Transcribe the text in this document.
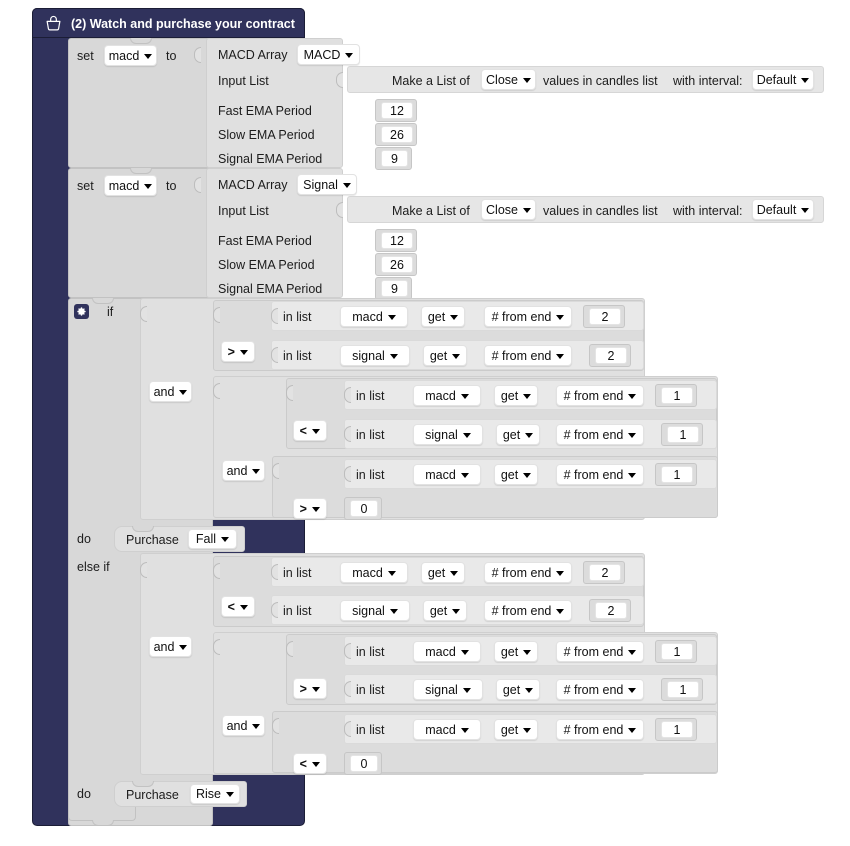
(2) Watch and purchase your contract
set macd to	MACD Array MACD
Input List	Make a List of Close values in candles list with interval: Default
Fast EMA Period	12
Slow EMA Period	26
Signal EMA Period	9
set macd to	MACD Array Signal
Input List	Make a List of Close values in candles list with interval: Default
Fast EMA Period	12
Slow EMA Period	26
Signal EMA Period	9
if	in list	macd	get	# from end	2
>	in list	signal	get	# from end	2
and	in list	macd	get	# from end	1
<	in list	signal	get	# from end	1
and	in list	macd	get	# from end	1
>	0
do	Purchase Fall
else if	in list	macd	get	# from end	2
<	in list	signal	get	# from end	2
and	in list	macd	get	# from end	1
>	in list	signal	get	# from end	1
and	in list	macd	get	# from end	1
<	0
do	Purchase Rise
